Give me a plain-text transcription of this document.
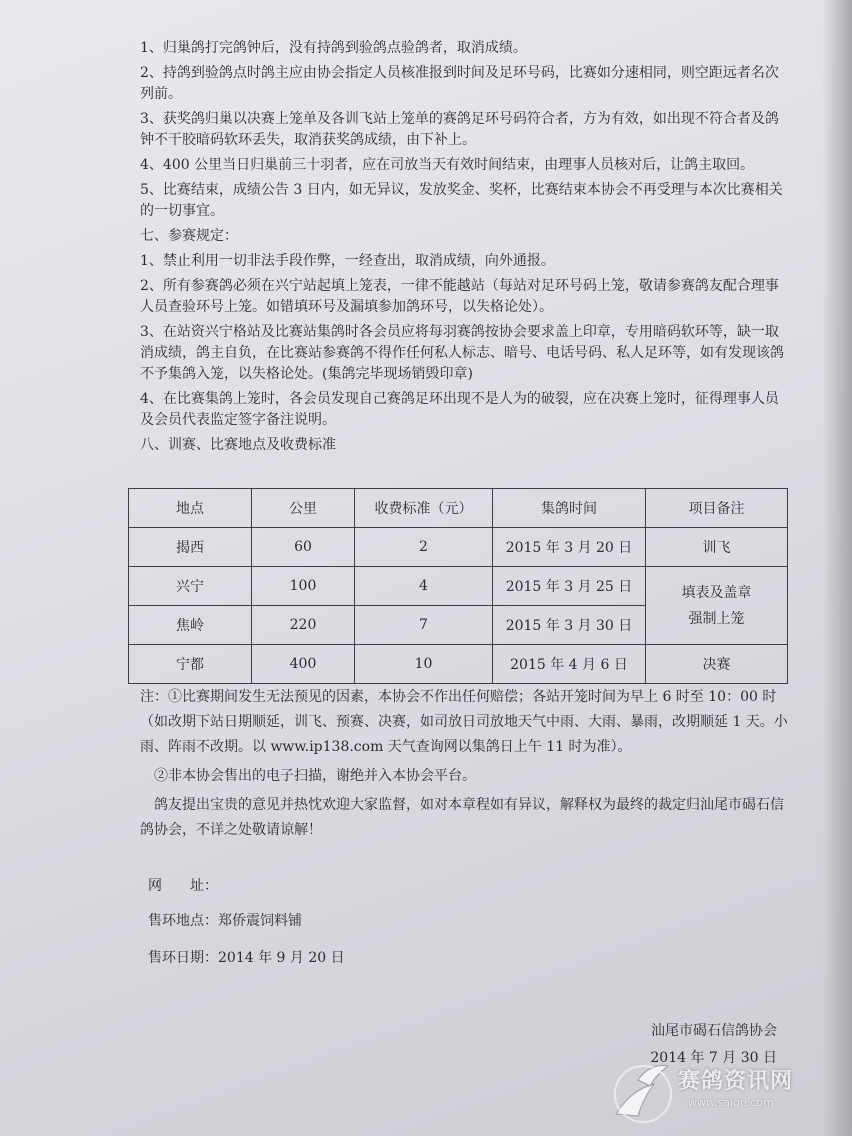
1、归巢鸽打完鸽钟后，没有持鸽到验鸽点验鸽者，取消成绩。

2、持鸽到验鸽点时鸽主应由协会指定人员核准报到时间及足环号码，比赛如分速相同，则空距远者名次列前。

3、获奖鸽归巢以决赛上笼单及各训飞站上笼单的赛鸽足环号码符合者，方为有效，如出现不符合者及鸽钟不干胶暗码软环丢失，取消获奖鸽成绩，由下补上。

4、400 公里当日归巢前三十羽者，应在司放当天有效时间结束，由理事人员核对后，让鸽主取回。

5、比赛结束，成绩公告 3 日内，如无异议，发放奖金、奖杯，比赛结束本协会不再受理与本次比赛相关的一切事宜。

七、参赛规定：

1、禁止利用一切非法手段作弊，一经查出，取消成绩，向外通报。

2、所有参赛鸽必须在兴宁站起填上笼表，一律不能越站（每站对足环号码上笼，敬请参赛鸽友配合理事人员查验环号上笼。如错填环号及漏填参加鸽环号，以失格论处）。

3、在站资兴宁格站及比赛站集鸽时各会员应将每羽赛鸽按协会要求盖上印章，专用暗码软环等，缺一取消成绩，鸽主自负，在比赛站参赛鸽不得作任何私人标志、暗号、电话号码、私人足环等，如有发现该鸽不予集鸽入笼，以失格论处。(集鸽完毕现场销毁印章)

4、在比赛集鸽上笼时，各会员发现自己赛鸽足环出现不是人为的破裂，应在决赛上笼时，征得理事人员及会员代表监定签字备注说明。

八、训赛、比赛地点及收费标准

地点	公里	收费标准（元）	集鸽时间	项目备注
揭西	60	2	2015 年 3 月 20 日	训飞
兴宁	100	4	2015 年 3 月 25 日	填表及盖章
强制上笼
焦岭	220	7	2015 年 3 月 30 日	
宁都	400	10	2015 年 4 月 6 日	决赛

注：①比赛期间发生无法预见的因素，本协会不作出任何赔偿；各站开笼时间为早上 6 时至 10：00 时（如改期下站日期顺延，训飞、预赛、决赛，如司放日司放地天气中雨、大雨、暴雨，改期顺延 1 天。小雨、阵雨不改期。以 www.ip138.com 天气查询网以集鸽日上午 11 时为准）。

②非本协会售出的电子扫描，谢绝并入本协会平台。

鸽友提出宝贵的意见并热忱欢迎大家监督，如对本章程如有异议，解释权为最终的裁定归汕尾市碣石信鸽协会，不详之处敬请谅解！

网　　址：
售环地点：郑侨震饲料铺
售环日期：2014 年 9 月 20 日
汕尾市碣石信鸽协会
2014 年 7 月 30 日
赛鸽资讯网
www.saige.com
